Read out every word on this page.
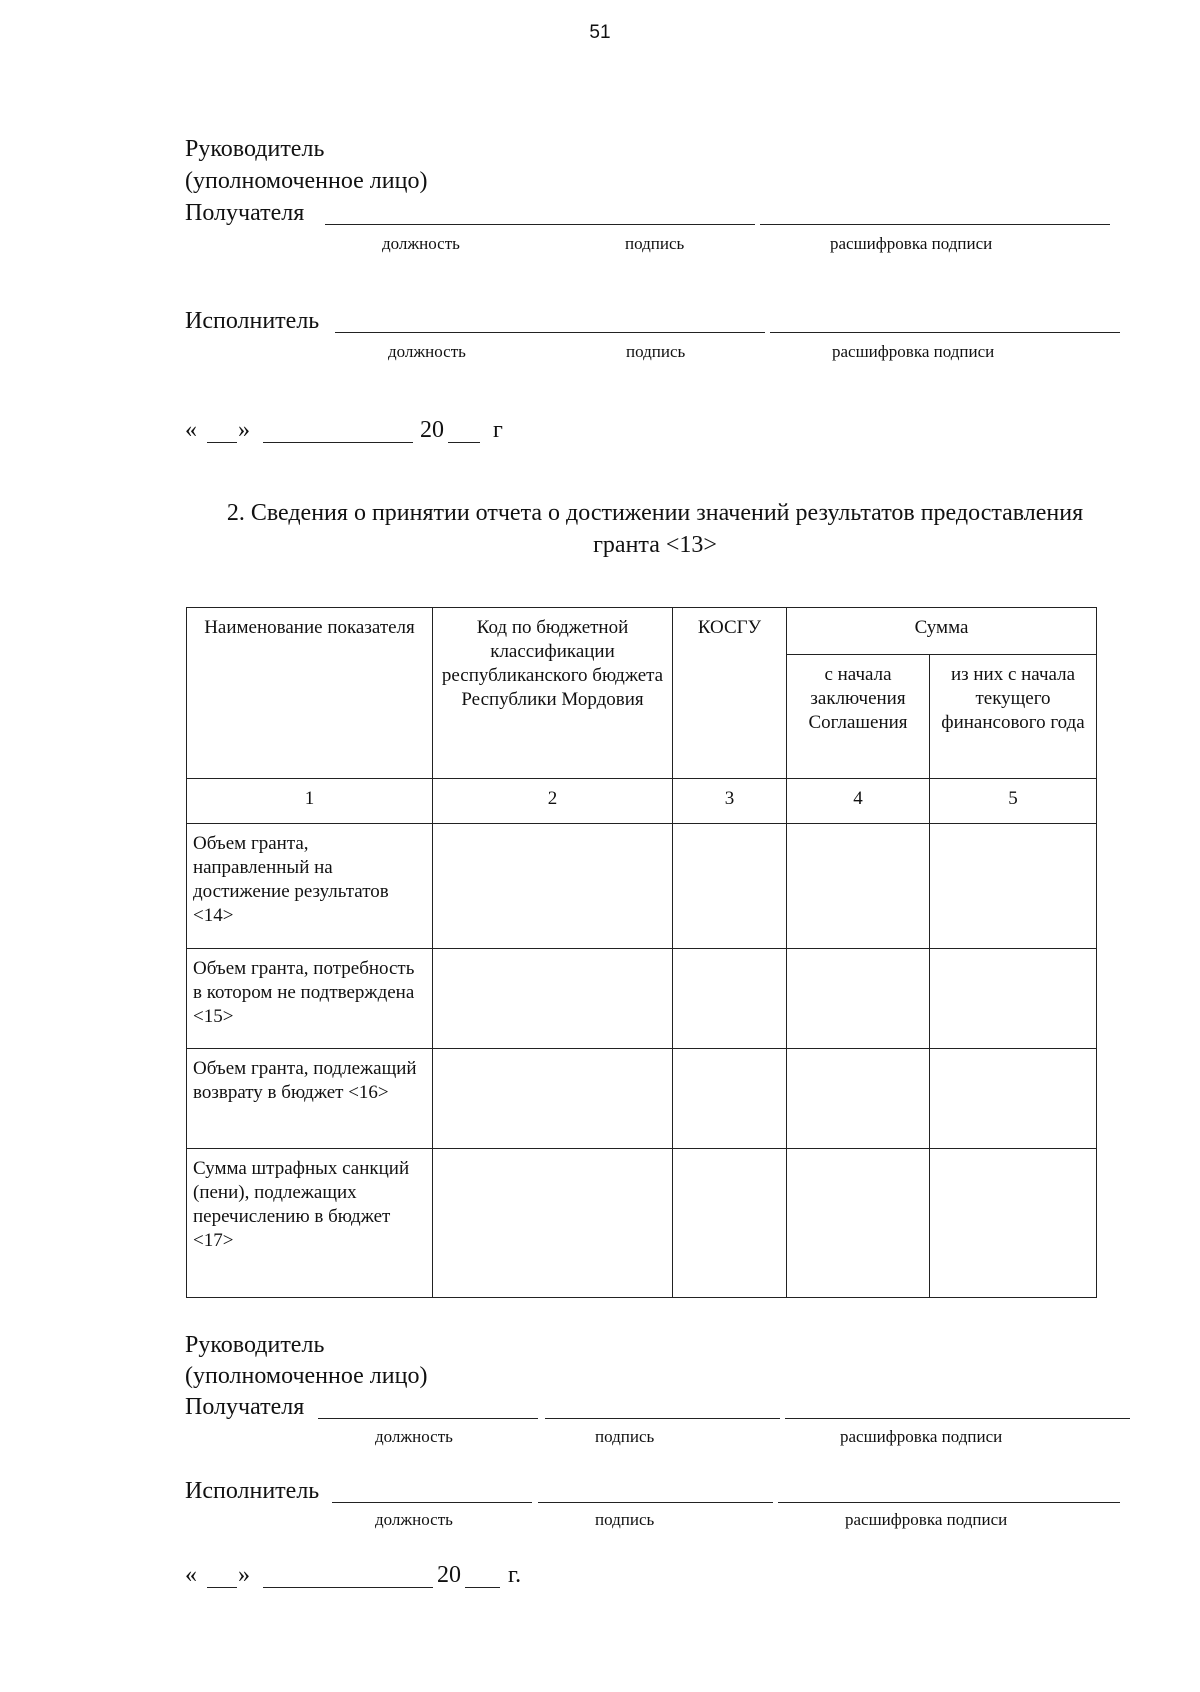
51
Руководитель
(уполномоченное лицо)
Получателя
должность	подпись	расшифровка подписи
Исполнитель
должность	подпись	расшифровка подписи
« »	20 г
2. Сведения о принятии отчета о достижении значений результатов предоставления
гранта <13>
Наименование показателя	Код по бюджетной классификации республиканского бюджета Республики Мордовия	КОСГУ	Сумма	
			с начала заключения Соглашения	из них с начала текущего финансового года
1	2	3	4	5
Объем гранта, направленный на достижение результатов <14>				
Объем гранта, потребность в котором не подтверждена <15>				
Объем гранта, подлежащий возврату в бюджет <16>				
Сумма штрафных санкций (пени), подлежащих перечислению в бюджет <17>				
Руководитель
(уполномоченное лицо)
Получателя
должность	подпись	расшифровка подписи
Исполнитель
должность	подпись	расшифровка подписи
« »	20 г.
